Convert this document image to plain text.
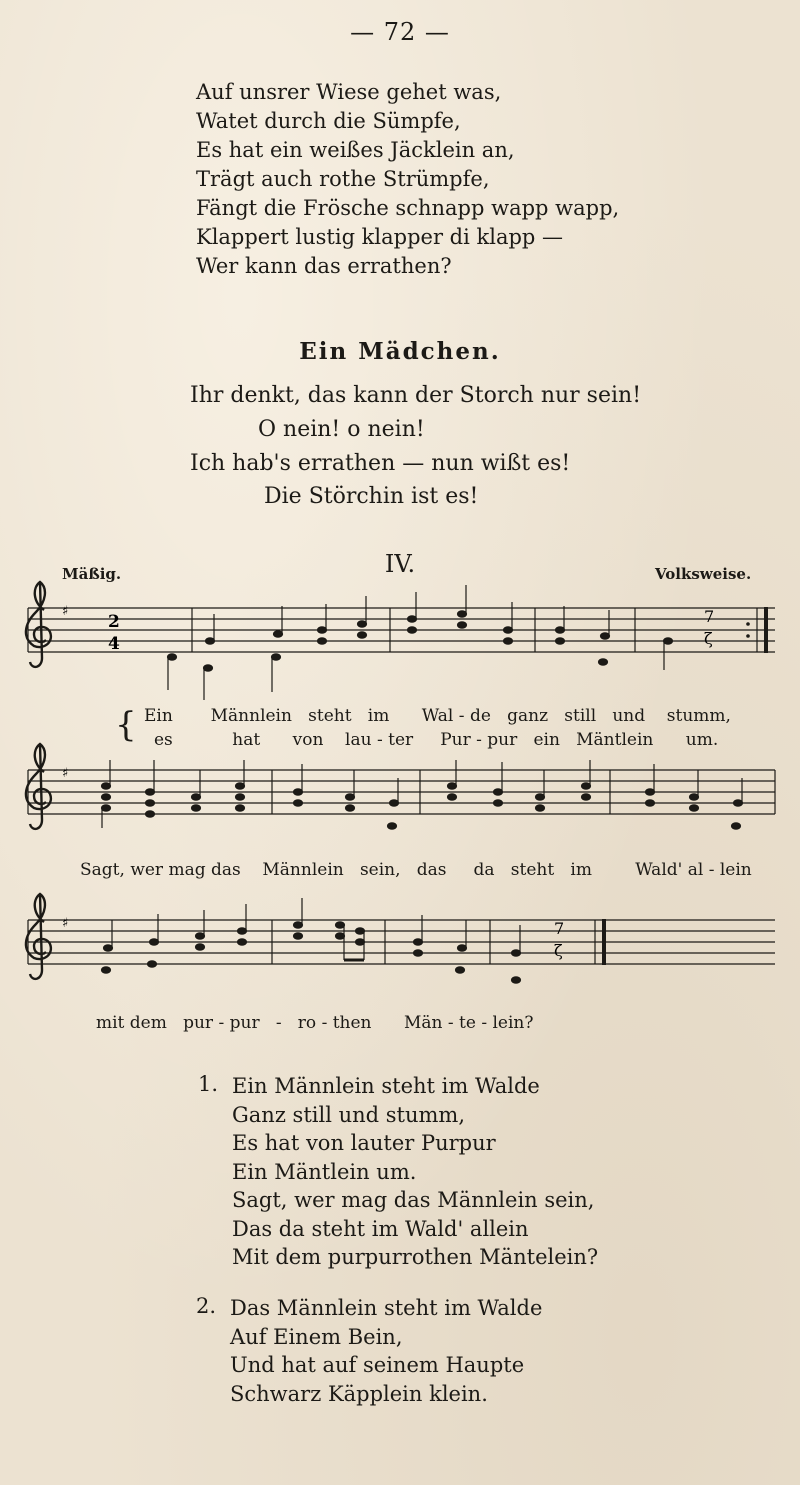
— 72 —
Auf unsrer Wiese gehet was,
Watet durch die Sümpfe,
Es hat ein weißes Jäcklein an,
Trägt auch rothe Strümpfe,
Fängt die Frösche schnapp wapp wapp,
Klappert lustig klapper di klapp —
Wer kann das errathen?
Ein Mädchen.
Ihr denkt, das kann der Storch nur sein!
O nein! o nein!
Ich hab's errathen — nun wißt es!
Die Störchin ist es!
Mäßig.	IV.	Volksweise.
♯
2
4
7
ζ
♯
♯	7
ζ
{ Ein Männlein steht im Wal - de ganz still und stumm,
es	hat von lau - ter Pur - pur ein Mäntlein um.
Sagt, wer mag das Männlein sein, das da steht im	Wald' al - lein
mit dem pur - pur - ro - then Män - te - lein?
1. Ein Männlein steht im Walde
Ganz still und stumm,
Es hat von lauter Purpur
Ein Mäntlein um.
Sagt, wer mag das Männlein sein,
Das da steht im Wald' allein
Mit dem purpurrothen Mäntelein?
2. Das Männlein steht im Walde
Auf Einem Bein,
Und hat auf seinem Haupte
Schwarz Käpplein klein.
